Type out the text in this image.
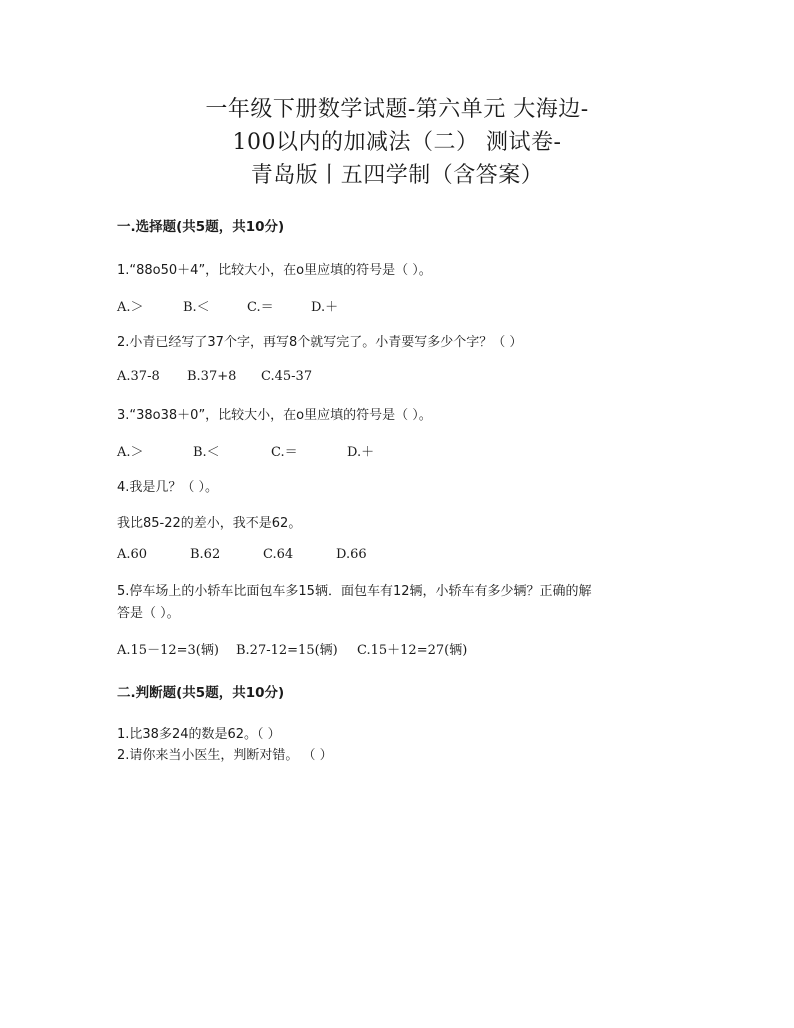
一年级下册数学试题-第六单元 大海边-
100以内的加减法（二） 测试卷-
青岛版丨五四学制（含答案）
一.选择题(共5题，共10分)
1.“88o50＋4”，比较大小，在o里应填的符号是（ ）。
A.＞	B.＜	C.＝	D.＋
2.小青已经写了37个字，再写8个就写完了。小青要写多少个字？（ ）
A.37-8 B.37+8 C.45-37
3.“38o38＋0”，比较大小，在o里应填的符号是（ ）。
A.＞	B.＜	C.＝	D.＋
4.我是几？（ ）。
我比85-22的差小，我不是62。
A.60	B.62	C.64	D.66
5.停车场上的小轿车比面包车多15辆．面包车有12辆，小轿车有多少辆？正确的解
答是（ ）。
A.15－12=3(辆) B.27-12=15(辆) C.15＋12=27(辆)
二.判断题(共5题，共10分)
1.比38多24的数是62。（ ）
2.请你来当小医生，判断对错。 （ ）
